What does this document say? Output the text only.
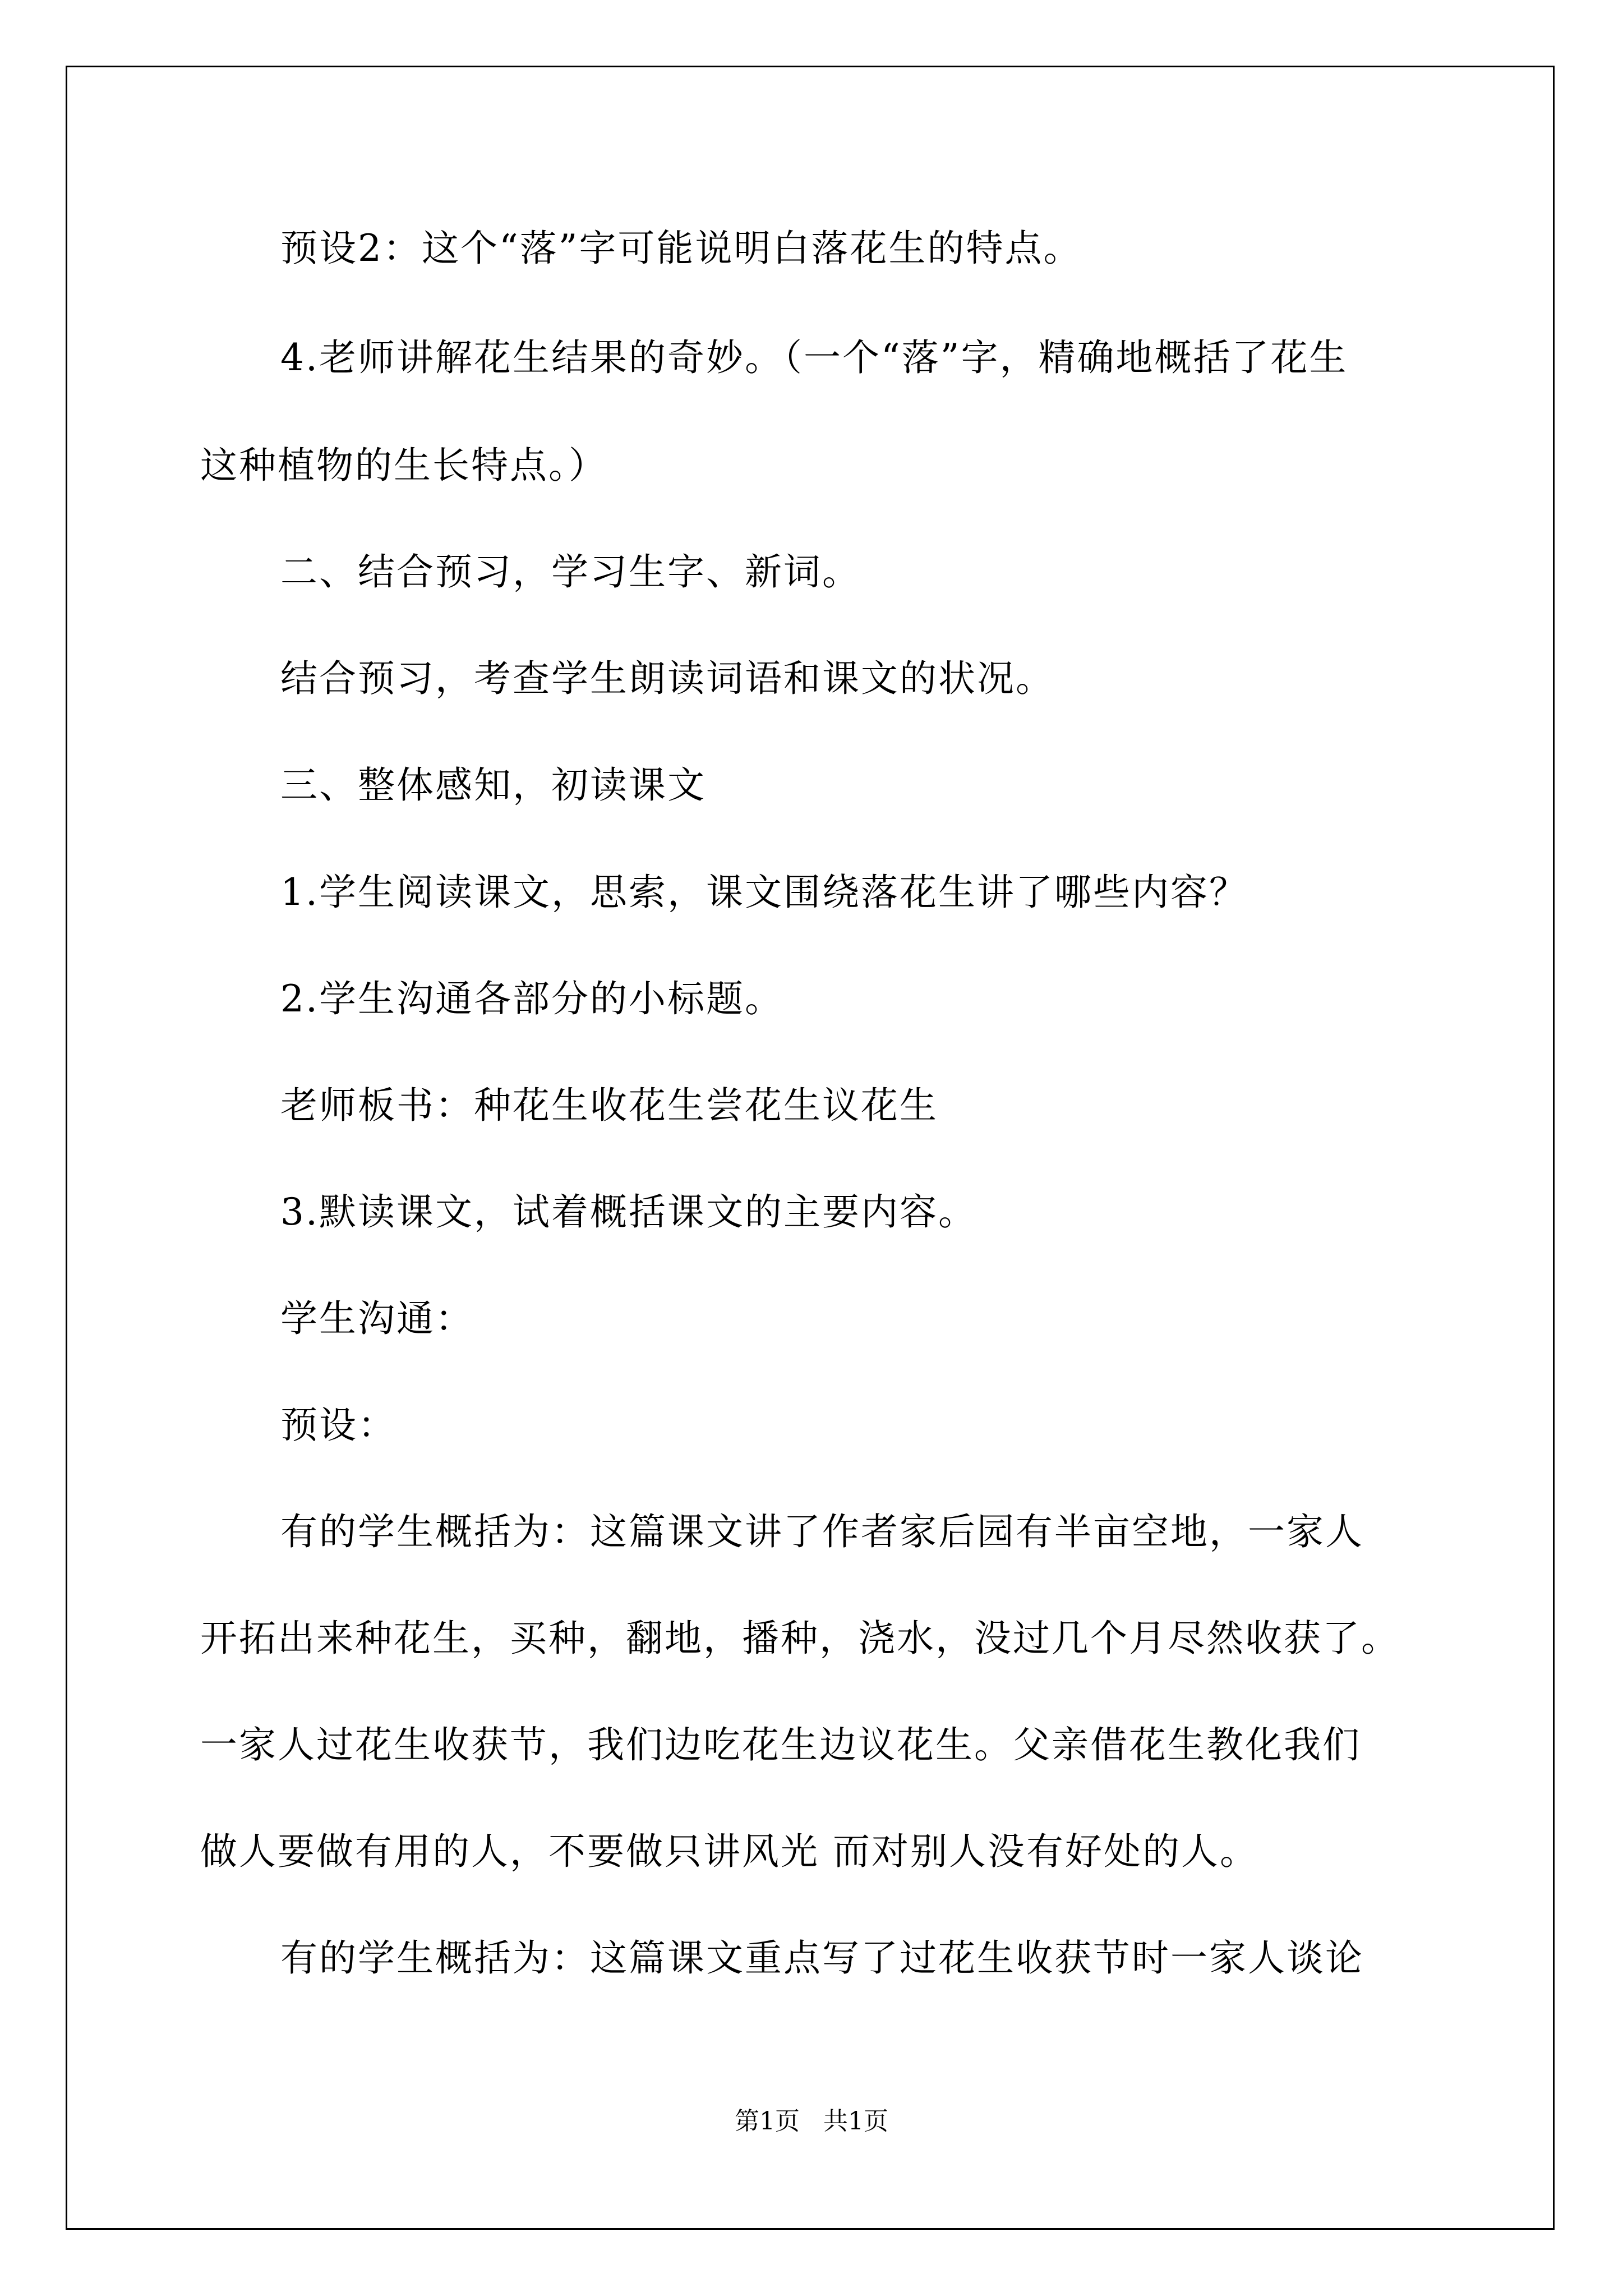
预设2：这个“落”字可能说明白落花生的特点。
4.老师讲解花生结果的奇妙。（一个“落”字，精确地概括了花生
这种植物的生长特点。）
二、结合预习，学习生字、新词。
结合预习，考查学生朗读词语和课文的状况。
三、整体感知，初读课文
1.学生阅读课文，思索，课文围绕落花生讲了哪些内容？
2.学生沟通各部分的小标题。
老师板书：种花生收花生尝花生议花生
3.默读课文，试着概括课文的主要内容。
学生沟通：
预设：
有的学生概括为：这篇课文讲了作者家后园有半亩空地，一家人
开拓出来种花生，买种，翻地，播种，浇水，没过几个月尽然收获了。
一家人过花生收获节，我们边吃花生边议花生。父亲借花生教化我们
做人要做有用的人，不要做只讲风光 而对别人没有好处的人。
有的学生概括为：这篇课文重点写了过花生收获节时一家人谈论
第1页   共1页
